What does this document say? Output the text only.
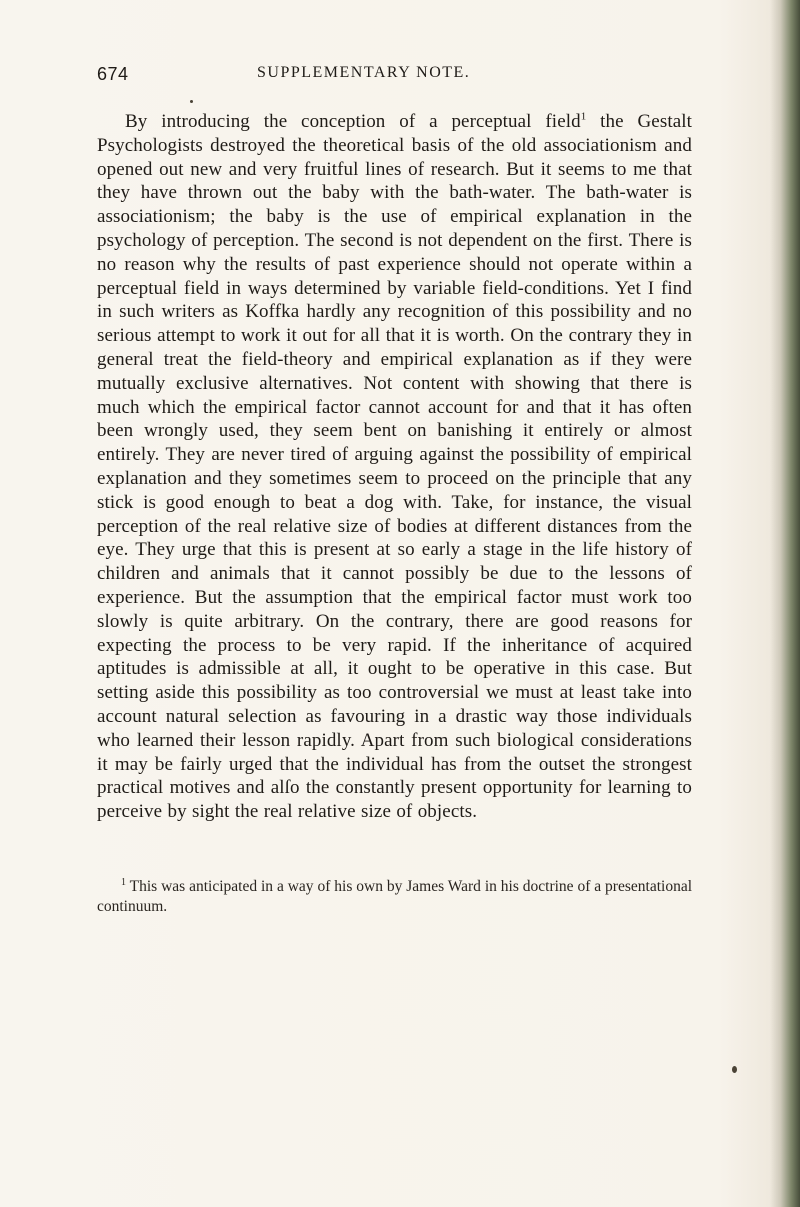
674	SUPPLEMENTARY NOTE.

By introducing the conception of a perceptual field$^1$ the Gestalt Psychologists destroyed the theoretical basis of the old associationism and opened out new and very fruitful lines of research. But it seems to me that they have thrown out the baby with the bath-water. The bath-water is associationism; the baby is the use of empirical explanation in the psychology of perception. The second is not dependent on the first. There is no reason why the results of past experience should not operate within a perceptual field in ways determined by variable field-conditions. Yet I find in such writers as Koffka hardly any recognition of this possibility and no serious attempt to work it out for all that it is worth. On the contrary they in general treat the field-theory and empirical explanation as if they were mutually exclusive alternatives. Not content with showing that there is much which the empirical factor cannot account for and that it has often been wrongly used, they seem bent on banishing it entirely or almost entirely. They are never tired of arguing against the possibility of empirical explanation and they sometimes seem to proceed on the principle that any stick is good enough to beat a dog with. Take, for instance, the visual perception of the real relative size of bodies at different distances from the eye. They urge that this is present at so early a stage in the life history of children and animals that it cannot possibly be due to the lessons of experience. But the assumption that the empirical factor must work too slowly is quite arbitrary. On the contrary, there are good reasons for expecting the process to be very rapid. If the inheritance of acquired aptitudes is admissible at all, it ought to be operative in this case. But setting aside this possibility as too controversial we must at least take into account natural selection as favouring in a drastic way those individuals who learned their lesson rapidly. Apart from such biological considerations it may be fairly urged that the individual has from the outset the strongest practical motives and alſo the constantly present opportunity for learning to perceive by sight the real relative size of objects.

$^1$ This was anticipated in a way of his own by James Ward in his doctrine of a presentational continuum.
